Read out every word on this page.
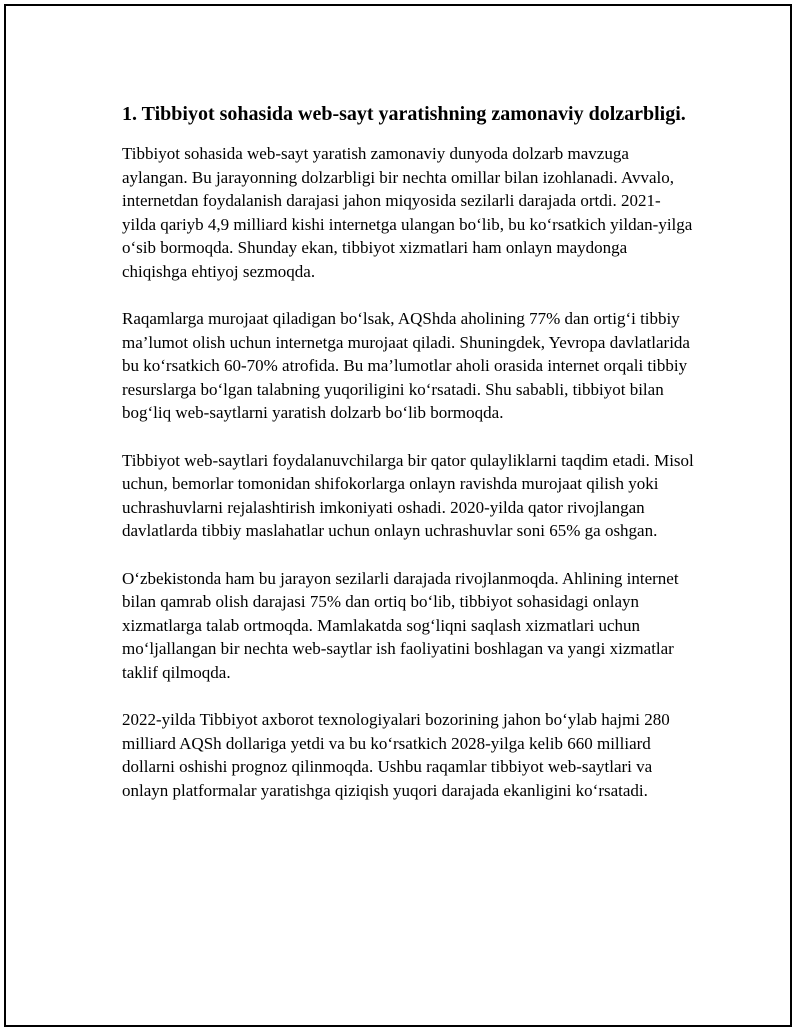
1. Tibbiyot sohasida web-sayt yaratishning zamonaviy dolzarbligi.

Tibbiyot sohasida web-sayt yaratish zamonaviy dunyoda dolzarb mavzuga aylangan. Bu jarayonning dolzarbligi bir nechta omillar bilan izohlanadi. Avvalo, internetdan foydalanish darajasi jahon miqyosida sezilarli darajada ortdi. 2021-yilda qariyb 4,9 milliard kishi internetga ulangan bo‘lib, bu ko‘rsatkich yildan-yilga o‘sib bormoqda. Shunday ekan, tibbiyot xizmatlari ham onlayn maydonga chiqishga ehtiyoj sezmoqda.

Raqamlarga murojaat qiladigan bo‘lsak, AQShda aholining 77% dan ortig‘i tibbiy ma’lumot olish uchun internetga murojaat qiladi. Shuningdek, Yevropa davlatlarida bu ko‘rsatkich 60-70% atrofida. Bu ma’lumotlar aholi orasida internet orqali tibbiy resurslarga bo‘lgan talabning yuqoriligini ko‘rsatadi. Shu sababli, tibbiyot bilan bog‘liq web-saytlarni yaratish dolzarb bo‘lib bormoqda.

Tibbiyot web-saytlari foydalanuvchilarga bir qator qulayliklarni taqdim etadi. Misol uchun, bemorlar tomonidan shifokorlarga onlayn ravishda murojaat qilish yoki uchrashuvlarni rejalashtirish imkoniyati oshadi. 2020-yilda qator rivojlangan davlatlarda tibbiy maslahatlar uchun onlayn uchrashuvlar soni 65% ga oshgan.

O‘zbekistonda ham bu jarayon sezilarli darajada rivojlanmoqda. Ahlining internet bilan qamrab olish darajasi 75% dan ortiq bo‘lib, tibbiyot sohasidagi onlayn xizmatlarga talab ortmoqda. Mamlakatda sog‘liqni saqlash xizmatlari uchun mo‘ljallangan bir nechta web-saytlar ish faoliyatini boshlagan va yangi xizmatlar taklif qilmoqda.

2022-yilda Tibbiyot axborot texnologiyalari bozorining jahon bo‘ylab hajmi 280 milliard AQSh dollariga yetdi va bu ko‘rsatkich 2028-yilga kelib 660 milliard dollarni oshishi prognoz qilinmoqda. Ushbu raqamlar tibbiyot web-saytlari va onlayn platformalar yaratishga qiziqish yuqori darajada ekanligini ko‘rsatadi.
